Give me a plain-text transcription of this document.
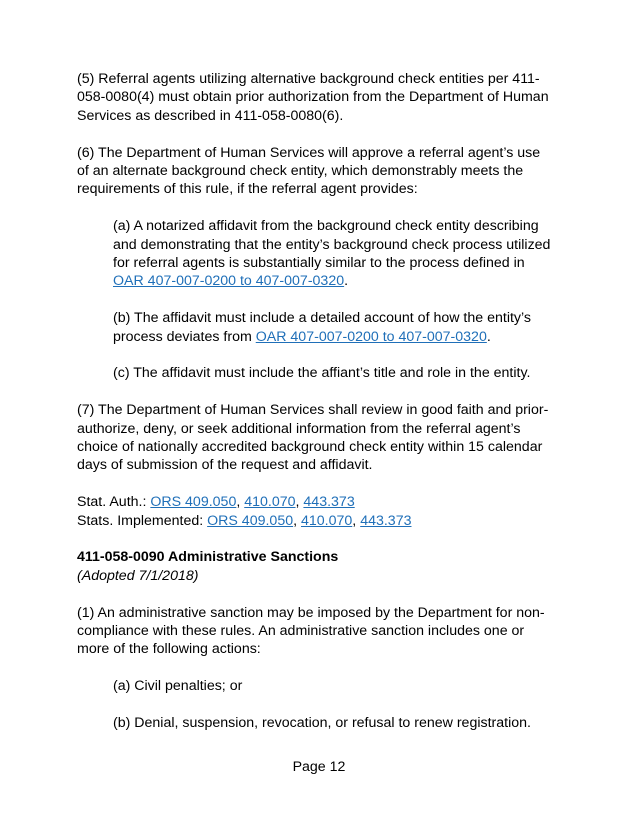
(5) Referral agents utilizing alternative background check entities per 411-
058-0080(4) must obtain prior authorization from the Department of Human
Services as described in 411-058-0080(6).
(6) The Department of Human Services will approve a referral agent’s use
of an alternate background check entity, which demonstrably meets the
requirements of this rule, if the referral agent provides:
(a) A notarized affidavit from the background check entity describing
and demonstrating that the entity’s background check process utilized
for referral agents is substantially similar to the process defined in
OAR 407-007-0200 to 407-007-0320.
(b) The affidavit must include a detailed account of how the entity’s
process deviates from OAR 407-007-0200 to 407-007-0320.
(c) The affidavit must include the affiant’s title and role in the entity.
(7) The Department of Human Services shall review in good faith and prior-
authorize, deny, or seek additional information from the referral agent’s
choice of nationally accredited background check entity within 15 calendar
days of submission of the request and affidavit.
Stat. Auth.: ORS 409.050, 410.070, 443.373
Stats. Implemented: ORS 409.050, 410.070, 443.373
411-058-0090 Administrative Sanctions
(Adopted 7/1/2018)
(1) An administrative sanction may be imposed by the Department for non-
compliance with these rules. An administrative sanction includes one or
more of the following actions:
(a) Civil penalties; or
(b) Denial, suspension, revocation, or refusal to renew registration.
Page 12
